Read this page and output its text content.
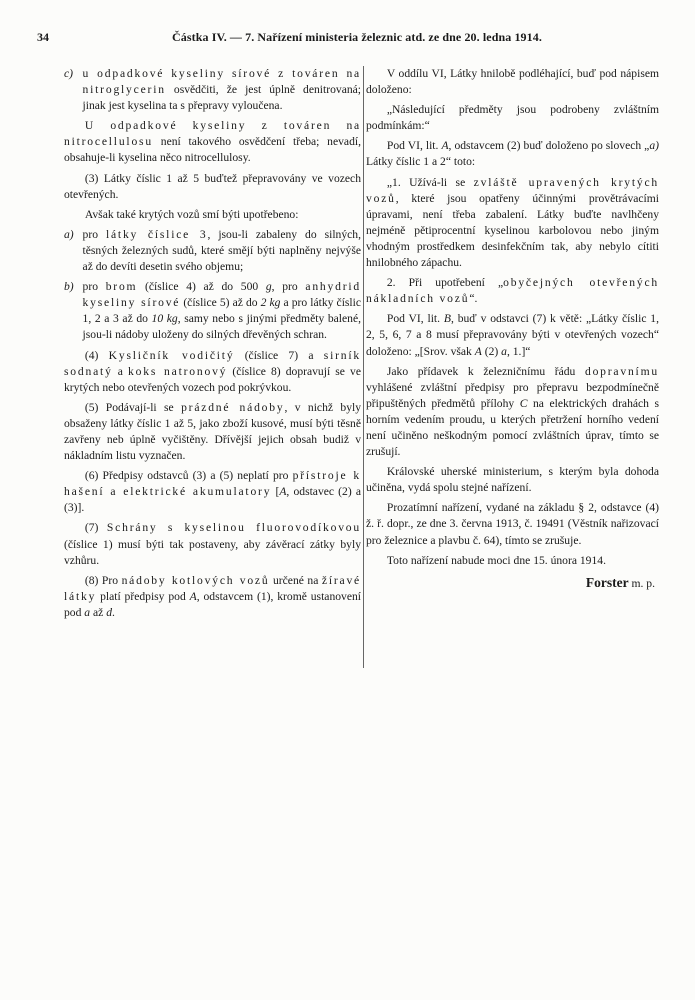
34	Částka IV. — 7. Nařízení ministeria železnic atd. ze dne 20. ledna 1914.

c) u odpadkové kyseliny sírové z továren na nitroglycerin osvědčiti, že jest úplně denitrovaná; jinak jest kyselina ta s přepravy vyloučena.

U odpadkové kyseliny z továren na nitrocellulosu není takového osvědčení třeba; nevadí, obsahuje-li kyselina něco nitrocellulosy.

(3) Látky číslic 1 až 5 buďtež přepravovány ve vozech otevřených.

Avšak také krytých vozů smí býti upotřebeno:

a) pro látky číslice 3, jsou-li zabaleny do silných, těsných železných sudů, které smějí býti naplněny nejvýše až do devíti desetin svého objemu;

b) pro brom (číslice 4) až do 500 g, pro anhydrid kyseliny sírové (číslice 5) až do 2 kg a pro látky číslic 1, 2 a 3 až do 10 kg, samy nebo s jinými předměty balené, jsou-li nádoby uloženy do silných dřevěných schran.

(4) Kysličník vodičitý (číslice 7) a sirník sodnatý a koks natronový (číslice 8) dopravují se ve krytých nebo otevřených vozech pod pokrývkou.

(5) Podávají-li se prázdné nádoby, v nichž byly obsaženy látky číslic 1 až 5, jako zboží kusové, musí býti těsně zavřeny neb úplně vyčištěny. Dřívější jejich obsah budiž v nákladním listu vyznačen.

(6) Předpisy odstavců (3) a (5) neplatí pro přístroje k hašení a elektrické akumulatory [A, odstavec (2) a (3)].

(7) Schrány s kyselinou fluorovodíkovou (číslice 1) musí býti tak postaveny, aby závěrací zátky byly vzhůru.

(8) Pro nádoby kotlových vozů určené na žíravé látky platí předpisy pod A, odstavcem (1), kromě ustanovení pod a až d.

V oddílu VI, Látky hnilobě podléhající, buď pod nápisem doloženo:

„Následující předměty jsou podrobeny zvláštním podmínkám:“

Pod VI, lit. A, odstavcem (2) buď doloženo po slovech „a) Látky číslic 1 a 2“ toto:

„1. Užívá-li se zvláště upravených krytých vozů, které jsou opatřeny účinnými provětrávacími úpravami, není třeba zabalení. Látky buďte navlhčeny nejméně pětiprocentní kyselinou karbolovou nebo jiným vhodným prostředkem desinfekčním tak, aby nebylo cítiti hnilobného zápachu.

2. Při upotřebení „obyčejných otevřených nákladních vozů“.

Pod VI, lit. B, buď v odstavci (7) k větě: „Látky číslic 1, 2, 5, 6, 7 a 8 musí přepravovány býti v otevřených vozech“ doloženo: „[Srov. však A (2) a, 1.]“

Jako přídavek k železničnímu řádu dopravnímu vyhlášené zvláštní předpisy pro přepravu bezpodmínečně připuštěných předmětů přílohy C na elektrických drahách s horním vedením proudu, u kterých přetržení horního vedení není učiněno neškodným pomocí zvláštních úprav, tímto se zrušují.

Královské uherské ministerium, s kterým byla dohoda učiněna, vydá spolu stejné nařízení.

Prozatímní nařízení, vydané na základu § 2, odstavce (4) ž. ř. dopr., ze dne 3. června 1913, č. 19491 (Věstník nařizovací pro železnice a plavbu č. 64), tímto se zrušuje.

Toto nařízení nabude moci dne 15. února 1914.

Forster m. p.
